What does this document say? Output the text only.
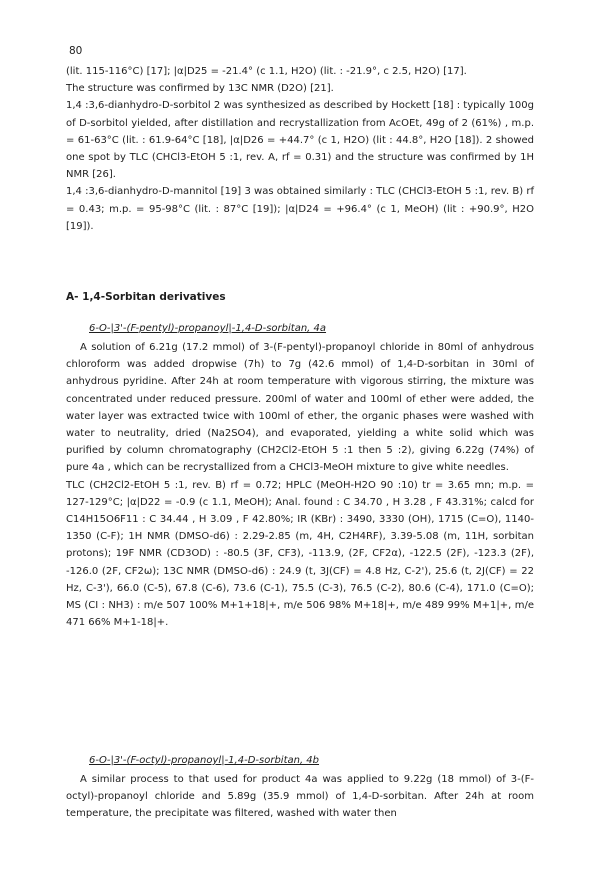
80

(lit. 115-116°C) [17]; |α|D25 = -21.4° (c 1.1, H2O) (lit. : -21.9°, c 2.5, H2O) [17].

The structure was confirmed by 13C NMR (D2O) [21].

1,4 :3,6-dianhydro-D-sorbitol 2 was synthesized as described by Hockett [18] : typically 100g of D-sorbitol yielded, after distillation and recrystallization from AcOEt, 49g of 2 (61%) , m.p. = 61-63°C (lit. : 61.9-64°C [18], |α|D26 = +44.7° (c 1, H2O) (lit : 44.8°, H2O [18]). 2 showed one spot by TLC (CHCl3-EtOH 5 :1, rev. A, rf = 0.31) and the structure was confirmed by 1H NMR [26].

1,4 :3,6-dianhydro-D-mannitol [19] 3 was obtained similarly : TLC (CHCl3-EtOH 5 :1, rev. B) rf = 0.43; m.p. = 95-98°C (lit. : 87°C [19]); |α|D24 = +96.4° (c 1, MeOH) (lit : +90.9°, H2O [19]).

A- 1,4-Sorbitan derivatives
6-O-|3'-(F-pentyl)-propanoyl|-1,4-D-sorbitan, 4a

A solution of 6.21g (17.2 mmol) of 3-(F-pentyl)-propanoyl chloride in 80ml of anhydrous chloroform was added dropwise (7h) to 7g (42.6 mmol) of 1,4-D-sorbitan in 30ml of anhydrous pyridine. After 24h at room temperature with vigorous stirring, the mixture was concentrated under reduced pressure. 200ml of water and 100ml of ether were added, the water layer was extracted twice with 100ml of ether, the organic phases were washed with water to neutrality, dried (Na2SO4), and evaporated, yielding a white solid which was purified by column chromatography (CH2Cl2-EtOH 5 :1 then 5 :2), giving 6.22g (74%) of pure 4a , which can be recrystallized from a CHCl3-MeOH mixture to give white needles.

TLC (CH2Cl2-EtOH 5 :1, rev. B) rf = 0.72; HPLC (MeOH-H2O 90 :10) tr = 3.65 mn; m.p. = 127-129°C; |α|D22 = -0.9 (c 1.1, MeOH); Anal. found : C 34.70 , H 3.28 , F 43.31%; calcd for C14H15O6F11 : C 34.44 , H 3.09 , F 42.80%; IR (KBr) : 3490, 3330 (OH), 1715 (C=O), 1140-1350 (C-F); 1H NMR (DMSO-d6) : 2.29-2.85 (m, 4H, C2H4RF), 3.39-5.08 (m, 11H, sorbitan protons); 19F NMR (CD3OD) : -80.5 (3F, CF3), -113.9, (2F, CF2α), -122.5 (2F), -123.3 (2F), -126.0 (2F, CF2ω); 13C NMR (DMSO-d6) : 24.9 (t, 3J(CF) = 4.8 Hz, C-2'), 25.6 (t, 2J(CF) = 22 Hz, C-3'), 66.0 (C-5), 67.8 (C-6), 73.6 (C-1), 75.5 (C-3), 76.5 (C-2), 80.6 (C-4), 171.0 (C=O); MS (CI : NH3) : m/e 507 100% M+1+18|+, m/e 506 98% M+18|+, m/e 489 99% M+1|+, m/e 471 66% M+1-18|+.

6-O-|3'-(F-octyl)-propanoyl|-1,4-D-sorbitan, 4b

A similar process to that used for product 4a was applied to 9.22g (18 mmol) of 3-(F-octyl)-propanoyl chloride and 5.89g (35.9 mmol) of 1,4-D-sorbitan. After 24h at room temperature, the precipitate was filtered, washed with water then
